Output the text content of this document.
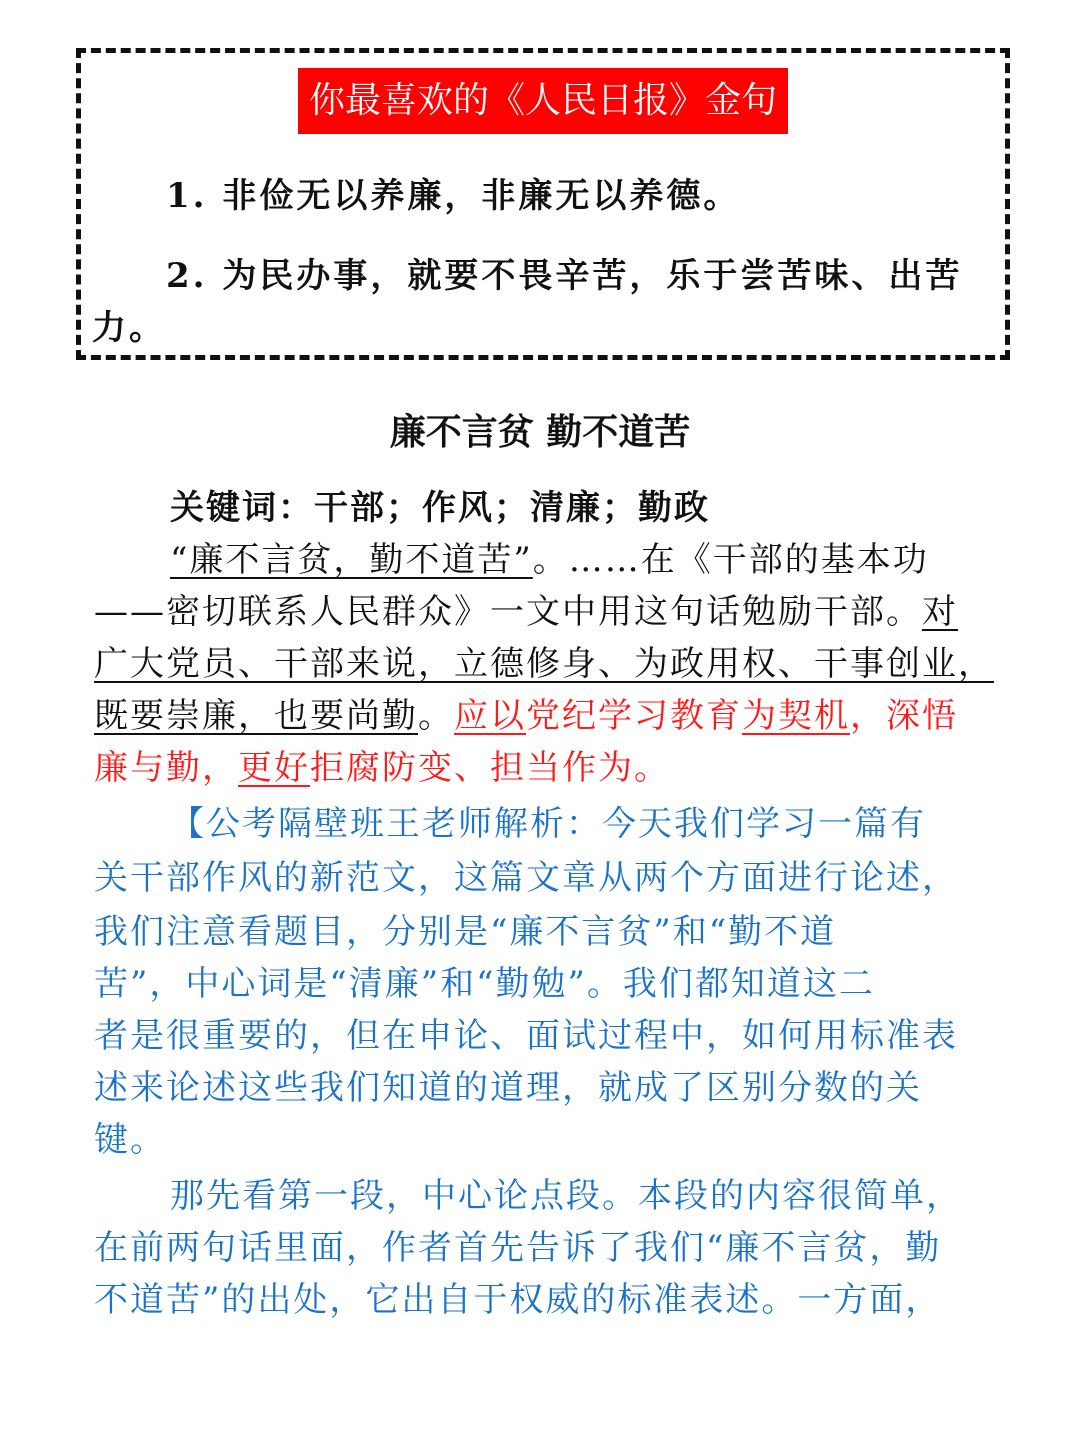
你最喜欢的《人民日报》金句
1. 非俭无以养廉，非廉无以养德。
2. 为民办事，就要不畏辛苦，乐于尝苦味、出苦
力。
廉不言贫 勤不道苦
关键词：干部；作风；清廉；勤政
“廉不言贫，勤不道苦”。……在《干部的基本功
——密切联系人民群众》一文中用这句话勉励干部。对
广大党员、干部来说，立德修身、为政用权、干事创业，
既要崇廉，也要尚勤。应以党纪学习教育为契机，深悟
廉与勤，更好拒腐防变、担当作为。
【公考隔壁班王老师解析：今天我们学习一篇有
关干部作风的新范文，这篇文章从两个方面进行论述，
我们注意看题目，分别是“廉不言贫”和“勤不道
苦”，中心词是“清廉”和“勤勉”。我们都知道这二
者是很重要的，但在申论、面试过程中，如何用标准表
述来论述这些我们知道的道理，就成了区别分数的关
键。
那先看第一段，中心论点段。本段的内容很简单，
在前两句话里面，作者首先告诉了我们“廉不言贫，勤
不道苦”的出处，它出自于权威的标准表述。一方面，
